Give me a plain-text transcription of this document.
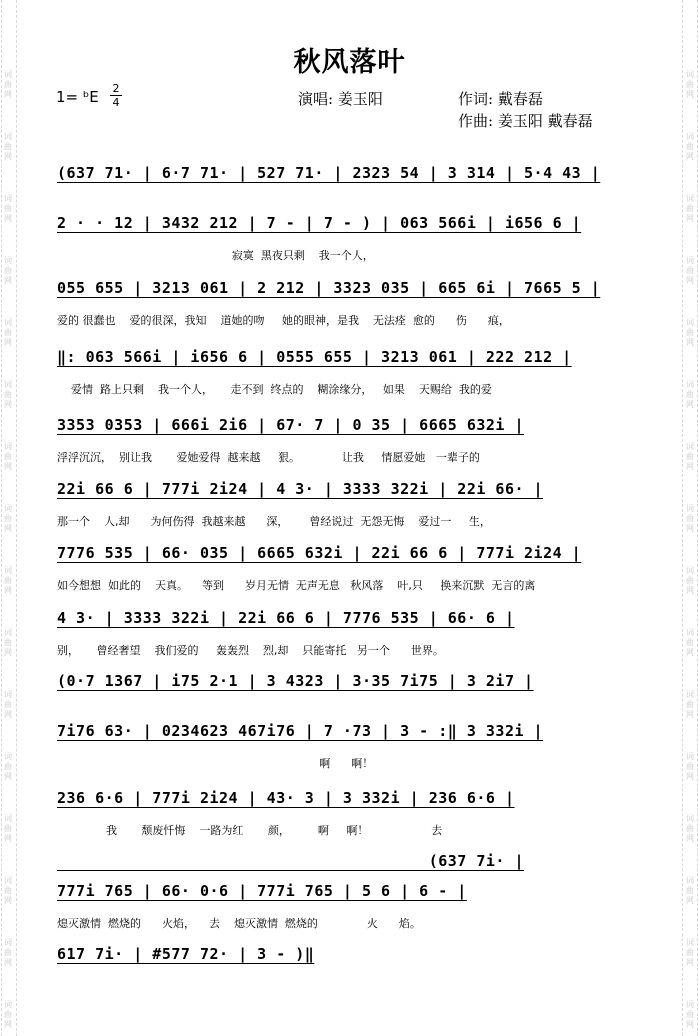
词
曲
网
词
曲
网
词
曲
网
词
曲
网
词
曲
网
词
曲
网
词
曲
网
词
曲
网
词
曲
网
词
曲
网
词
曲
网
词
曲
网
词
曲
网
词
曲
网
词
曲
网
词
曲
网
词
曲
网
词
曲
网
词
曲
网
词
曲
网
词
曲
网
词
曲
网
词
曲
网
词
曲
网
词
曲
网
词
曲
网
词
曲
网
词
曲
网
词
曲
网
词
曲
网
词
曲
网
词
曲
网
秋风落叶
1= ᵇE 2
4	演唱: 姜玉阳	作词: 戴春磊
作曲: 姜玉阳 戴春磊
(637 71· | 6·7 71· | 527 71· | 2323 54 | 3 314 | 5·4 43 |
2 · · 12 | 3432 212 | 7 - | 7 - ) | 063 566i | i656 6 |
寂寞  黑夜只剩    我一个人，
055 655 | 3213 061 | 2 212 | 3323 035 | 665 6i | 7665 5 |
爱的 很蠢也    爱的很深，我知    道她的吻     她的眼神，是我    无法痊  愈的      伤      痕，
‖: 063 566i | i656 6 | 0555 655 | 3213 061 | 222 212 |
爱情  路上只剩    我一个人，     走不到  终点的    糊涂缘分，   如果    天赐给  我的爱
3353 0353 | 666i 2i6 | 67· 7 | 0 35 | 6665 632i |
浮浮沉沉，  别让我       爱她爱得  越来越     狠。            让我     情愿爱她   一辈子的
22i 66 6 | 777i 2i24 | 4 3· | 3333 322i | 22i 66· |
那一个    人,却      为何伤得  我越来越      深，      曾经说过  无怨无悔    爱过一     生，
7776 535 | 66· 035 | 6665 632i | 22i 66 6 | 777i 2i24 |
如今想想  如此的    天真。    等到      岁月无情  无声无息   秋风落    叶,只     换来沉默  无言的离
4 3· | 3333 322i | 22i 66 6 | 7776 535 | 66· 6 |
别，     曾经奢望    我们爱的     轰轰烈    烈,却    只能寄托   另一个      世界。
(0·7 1367 | i75 2·1 | 3 4323 | 3·35 7i75 | 3 2i7 |
7i76 63· | 0234623 467i76 | 7 ·73 | 3 - :‖ 3 332i |
啊      啊！
236 6·6 | 777i 2i24 | 43· 3 | 3 332i | 236 6·6 |
我       颓废忏悔    一路为红       颜，        啊     啊！                  去
(637 7i· |
777i 765 | 66· 0·6 | 777i 765 | 5 6 | 6 - |
熄灭激情  燃烧的      火焰，    去    熄灭激情  燃烧的              火      焰。
617 7i· | #577 72· | 3 - )‖
